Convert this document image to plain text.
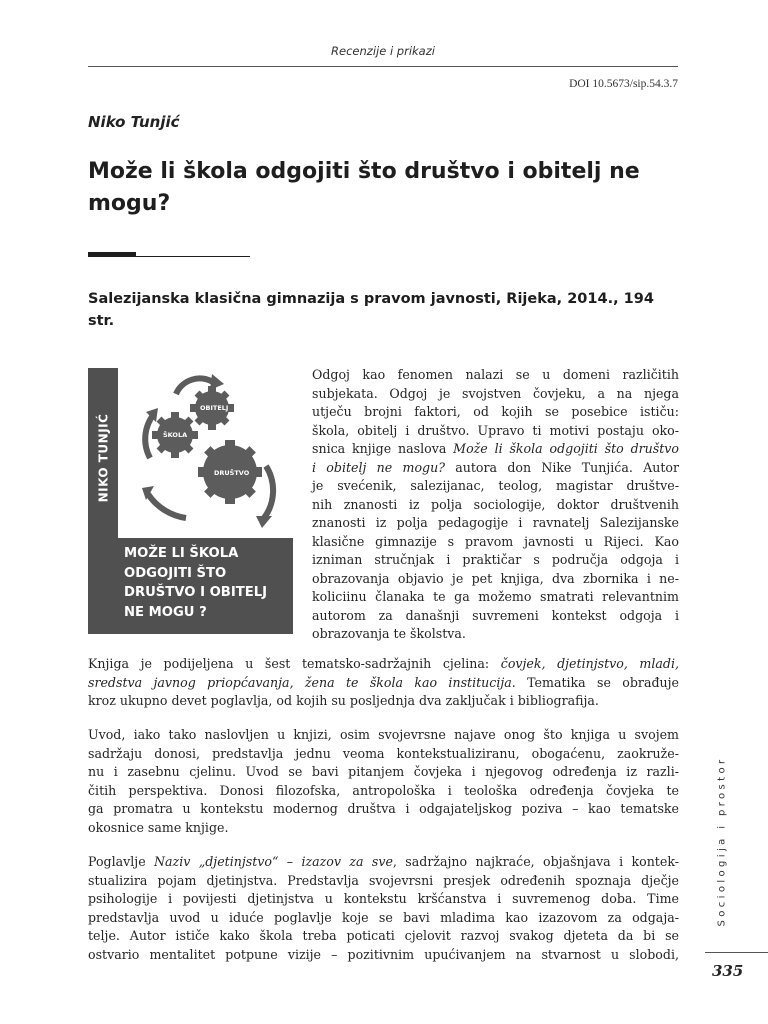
Recenzije i prikazi
DOI 10.5673/sip.54.3.7
Niko Tunjić
Može li škola odgojiti što društvo i obitelj ne mogu?
Salezijanska klasična gimnazija s pravom javnosti, Rijeka, 2014., 194 str.
OBITELJ
ŠKOLA
DRUŠTVO
NIKO TUNJIĆ
MOŽE LI ŠKOLA
ODGOJITI ŠTO
DRUŠTVO I OBITELJ
NE MOGU ?
Odgoj kao fenomen nalazi se u domeni različitih
subjekata. Odgoj je svojstven čovjeku, a na njega
utječu brojni faktori, od kojih se posebice ističu:
škola, obitelj i društvo. Upravo ti motivi postaju oko-
snica knjige naslova Može li škola odgojiti što društvo
i obitelj ne mogu? autora don Nike Tunjića. Autor
je svećenik, salezijanac, teolog, magistar društve-
nih znanosti iz polja sociologije, doktor društvenih
znanosti iz polja pedagogije i ravnatelj Salezijanske
klasične gimnazije s pravom javnosti u Rijeci. Kao
izniman stručnjak i praktičar s područja odgoja i
obrazovanja objavio je pet knjiga, dva zbornika i ne-
koliciinu članaka te ga možemo smatrati relevantnim
autorom za današnji suvremeni kontekst odgoja i
obrazovanja te školstva.
Knjiga je podijeljena u šest tematsko-sadržajnih cjelina: čovjek, djetinjstvo, mladi,
sredstva javnog priopćavanja, žena te škola kao institucija. Tematika se obrađuje
kroz ukupno devet poglavlja, od kojih su posljednja dva zaključak i bibliografija.
Uvod, iako tako naslovljen u knjizi, osim svojevrsne najave onog što knjiga u svojem
sadržaju donosi, predstavlja jednu veoma kontekstualiziranu, obogaćenu, zaokruže-
nu i zasebnu cjelinu. Uvod se bavi pitanjem čovjeka i njegovog određenja iz razli-
čitih perspektiva. Donosi filozofska, antropološka i teološka određenja čovjeka te
ga promatra u kontekstu modernog društva i odgajateljskog poziva – kao tematske
okosnice same knjige.
Poglavlje Naziv „djetinjstvo“ – izazov za sve, sadržajno najkraće, objašnjava i kontek-
stualizira pojam djetinjstva. Predstavlja svojevrsni presjek određenih spoznaja dječje
psihologije i povijesti djetinjstva u kontekstu kršćanstva i suvremenog doba. Time
predstavlja uvod u iduće poglavlje koje se bavi mladima kao izazovom za odgaja-
telje. Autor ističe kako škola treba poticati cjelovit razvoj svakog djeteta da bi se
ostvario mentalitet potpune vizije – pozitivnim upućivanjem na stvarnost u slobodi,
Sociologija i prostor
335
